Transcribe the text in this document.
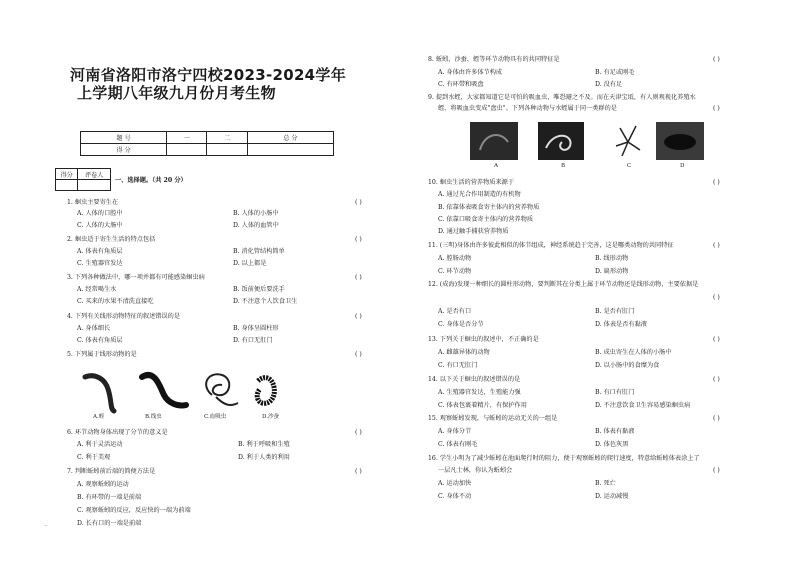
河南省洛阳市洛宁四校2023-2024学年
上学期八年级九月份月考生物
题 号	一	二	总 分
得 分			
得分	评卷人

一、选择题。（共 20 分）
1. 蛔虫主要寄生在	( )
A. 人体的口腔中	B. 人体的小肠中
C. 人体的大肠中	D. 人体的血管中
2. 蛔虫适于寄生生活的特点包括	( )
A. 体表有角质层	B. 消化管结构简单
C. 生殖器官发达	D. 以上都是
3. 下列各种做法中，哪一项并都有可能感染蛔虫病	( )
A. 经常喝生水	B. 饭前便后要洗手
C. 买来的水果不清洗直接吃	D. 不注意个人饮食卫生
4. 下列有关线形动物特征的叙述错误的是	( )
A. 身体细长	B. 身体呈圆柱形
C. 体表有角质层	D. 有口无肛门
5. 下列属于线形动物的是	( )
A.蛭	B.线虫	C.血吸虫	D.沙蚕
6. 环节动物身体出现了分节的意义是	( )
A. 利于灵活运动	B. 利于呼吸和生殖
C. 利于美观	D. 利于人类的利用
7. 判断蚯蚓前后端的简便方法是	( )
A. 观察蚯蚓的运动
B. 有环带的一端是前端
C. 观察蚯蚓的反应，反应快的一端为前端
D. 长有口的一端是前端
·
8. 蚯蚓、沙蚕、蛭等环节动物具有的共同特征是	( )
A. 身体由许多体节构成	B. 有足或刚毛
C. 有环带和吸盘	D. 没有足
9. 提到水蛭，大家都知道它是可怕的吸血虫，唯恐避之不及。而在天津宝坻，有人则观视化养殖水
蛭，将吸血虫变成"盘虫"。下列各种动物与水蛭属于同一类群的是	( )
A	B	C	D
10. 蛔虫生活的营养物质来源于	( )
A. 通过光合作用制造的有机物
B. 依靠体表吸食寄主体内的营养物质
C. 依靠口吸食寄主体内的营养物质
D. 通过触手捕获营养物质
11. (三明)身体由许多彼此相似的体节组成，神经系统趋于完善，这是哪类动物的共同特征	( )
A. 腔肠动物	B. 线形动物
C. 环节动物	D. 扁形动物
12. (成海)发现一种细长的圆柱形动物，要判断其在分类上属于环节动物还是线形动物，主要依据是
( )
A. 是否有口	B. 是否有肛门
C. 身体是否分节	D. 体表是否有黏液
13. 下列关于蛔虫的叙述中，不正确的是	( )
A. 雌雄异体的动物	B. 成虫寄生在人体的小肠中
C. 有口无肛门	D. 以小肠中的食糜为食
14. 以下关于蛔虫的叙述错误的是	( )
A. 生殖器官发达，生殖能力强	B. 有口有肛门
C. 体表包裹着精片，有保护作用	D. 不注意饮食卫生容易感染蛔虫病
15. 观察蚯蚓发现，与蚯蚓的运动无关的一组是	( )
A. 身体分节	B. 体表有黏液
C. 体表有刚毛	D. 体色灰黑
16. 学生小明为了减少蚯蚓在池面爬行时的阻力，便于观察蚯蚓的爬行速度，特意给蚯蚓体表涂上了
一层凡士林，你认为蚯蚓会	( )
A. 运动加快	B. 死亡
C. 身体不动	D. 运动减慢
